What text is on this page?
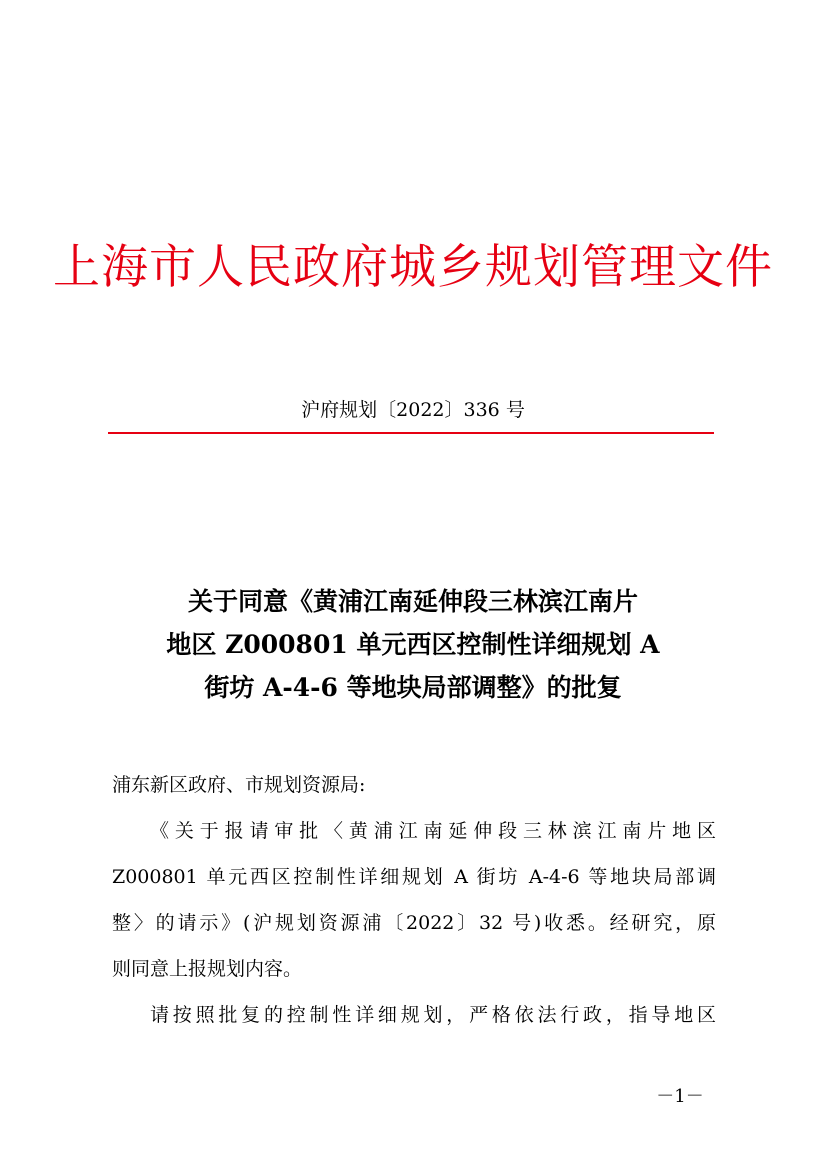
上海市人民政府城乡规划管理文件
沪府规划〔2022〕336 号
关于同意《黄浦江南延伸段三林滨江南片
地区 Z000801 单元西区控制性详细规划 A
街坊 A-4-6 等地块局部调整》的批复

浦东新区政府、市规划资源局:

《关于报请审批〈黄浦江南延伸段三林滨江南片地区
Z000801 单元西区控制性详细规划 A 街坊 A-4-6 等地块局部调
整〉的请示》(沪规划资源浦〔2022〕32 号)收悉。经研究，原
则同意上报规划内容。

请按照批复的控制性详细规划，严格依法行政，指导地区

－1－
